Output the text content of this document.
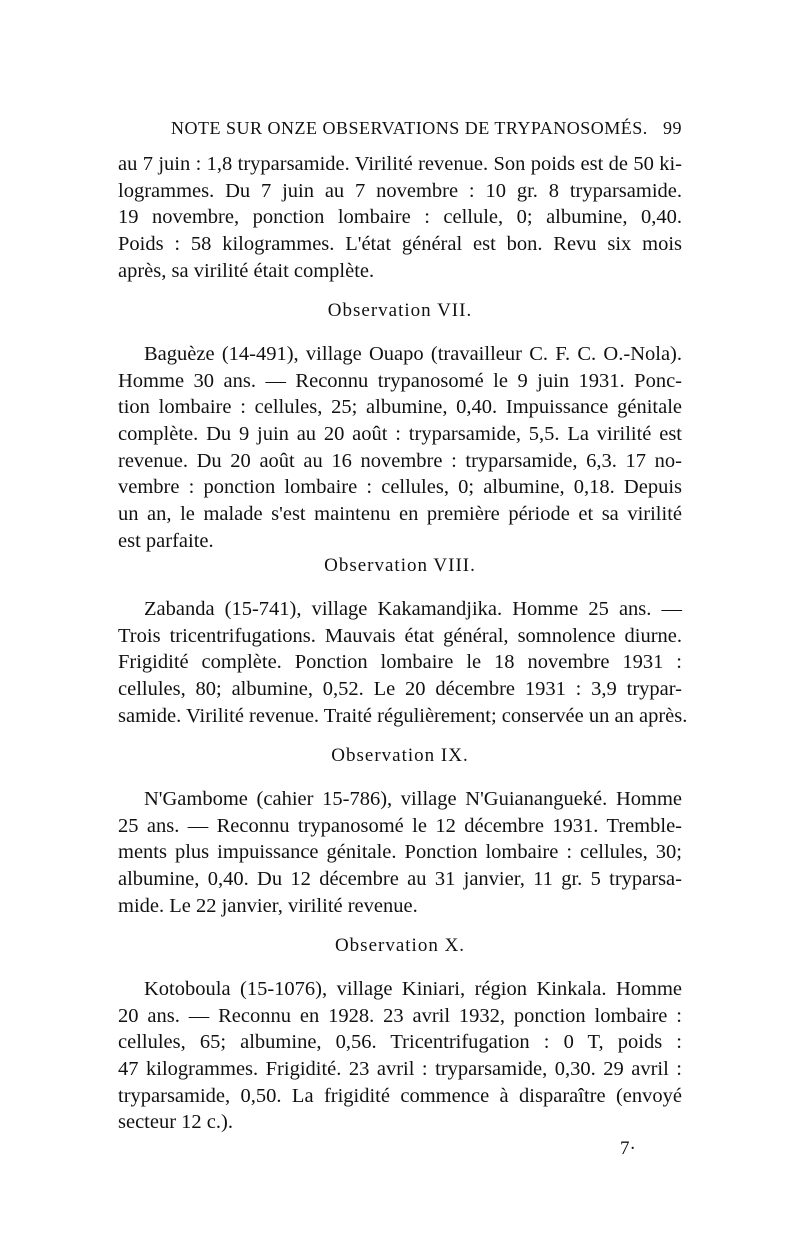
NOTE SUR ONZE OBSERVATIONS DE TRYPANOSOMÉS. 99
au 7 juin : 1,8 tryparsamide. Virilité revenue. Son poids est de 50 ki-
logrammes. Du 7 juin au 7 novembre : 10 gr. 8 tryparsamide.
19 novembre, ponction lombaire : cellule, 0; albumine, 0,40.
Poids : 58 kilogrammes. L'état général est bon. Revu six mois
après, sa virilité était complète.
Observation VII.
Baguèze (14-491), village Ouapo (travailleur C. F. C. O.-Nola).
Homme 30 ans. — Reconnu trypanosomé le 9 juin 1931. Ponc-
tion lombaire : cellules, 25; albumine, 0,40. Impuissance génitale
complète. Du 9 juin au 20 août : tryparsamide, 5,5. La virilité est
revenue. Du 20 août au 16 novembre : tryparsamide, 6,3. 17 no-
vembre : ponction lombaire : cellules, 0; albumine, 0,18. Depuis
un an, le malade s'est maintenu en première période et sa virilité
est parfaite.
Observation VIII.
Zabanda (15-741), village Kakamandjika. Homme 25 ans. —
Trois tricentrifugations. Mauvais état général, somnolence diurne.
Frigidité complète. Ponction lombaire le 18 novembre 1931 :
cellules, 80; albumine, 0,52. Le 20 décembre 1931 : 3,9 trypar-
samide. Virilité revenue. Traité régulièrement; conservée un an après.
Observation IX.
N'Gambome (cahier 15-786), village N'Guianangueké. Homme
25 ans. — Reconnu trypanosomé le 12 décembre 1931. Tremble-
ments plus impuissance génitale. Ponction lombaire : cellules, 30;
albumine, 0,40. Du 12 décembre au 31 janvier, 11 gr. 5 tryparsa-
mide. Le 22 janvier, virilité revenue.
Observation X.
Kotoboula (15-1076), village Kiniari, région Kinkala. Homme
20 ans. — Reconnu en 1928. 23 avril 1932, ponction lombaire :
cellules, 65; albumine, 0,56. Tricentrifugation : 0 T, poids :
47 kilogrammes. Frigidité. 23 avril : tryparsamide, 0,30. 29 avril :
tryparsamide, 0,50. La frigidité commence à disparaître (envoyé
secteur 12 c.).
7·
